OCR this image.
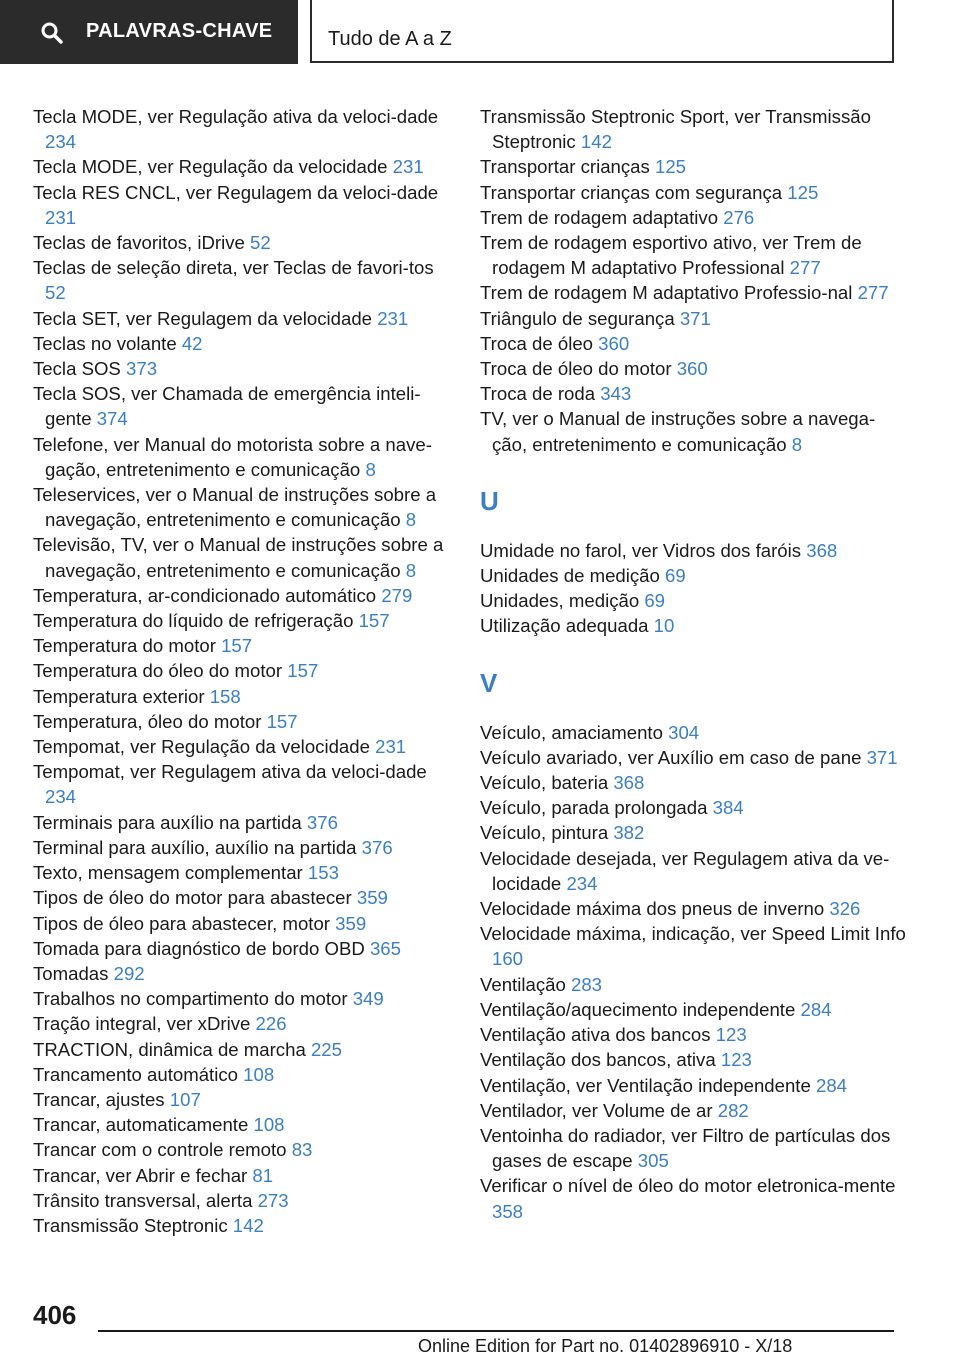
PALAVRAS-CHAVE	Tudo de A a Z

Tecla MODE, ver Regulação ativa da veloci‐dade 234

Tecla MODE, ver Regulação da velocidade 231

Tecla RES CNCL, ver Regulagem da veloci‐dade 231

Teclas de favoritos, iDrive 52

Teclas de seleção direta, ver Teclas de favori‐tos 52

Tecla SET, ver Regulagem da velocidade 231

Teclas no volante 42

Tecla SOS 373

Tecla SOS, ver Chamada de emergência inteli‐gente 374

Telefone, ver Manual do motorista sobre a nave‐gação, entretenimento e comunicação 8

Teleservices, ver o Manual de instruções sobre a navegação, entretenimento e comunicação 8

Televisão, TV, ver o Manual de instruções sobre a navegação, entretenimento e comunicação 8

Temperatura, ar-condicionado automático 279

Temperatura do líquido de refrigeração 157

Temperatura do motor 157

Temperatura do óleo do motor 157

Temperatura exterior 158

Temperatura, óleo do motor 157

Tempomat, ver Regulação da velocidade 231

Tempomat, ver Regulagem ativa da veloci‐dade 234

Terminais para auxílio na partida 376

Terminal para auxílio, auxílio na partida 376

Texto, mensagem complementar 153

Tipos de óleo do motor para abastecer 359

Tipos de óleo para abastecer, motor 359

Tomada para diagnóstico de bordo OBD 365

Tomadas 292

Trabalhos no compartimento do motor 349

Tração integral, ver xDrive 226

TRACTION, dinâmica de marcha 225

Trancamento automático 108

Trancar, ajustes 107

Trancar, automaticamente 108

Trancar com o controle remoto 83

Trancar, ver Abrir e fechar 81

Trânsito transversal, alerta 273

Transmissão Steptronic 142

Transmissão Steptronic Sport, ver Transmissão Steptronic 142

Transportar crianças 125

Transportar crianças com segurança 125

Trem de rodagem adaptativo 276

Trem de rodagem esportivo ativo, ver Trem de rodagem M adaptativo Professional 277

Trem de rodagem M adaptativo Professio‐nal 277

Triângulo de segurança 371

Troca de óleo 360

Troca de óleo do motor 360

Troca de roda 343

TV, ver o Manual de instruções sobre a navega‐ção, entretenimento e comunicação 8

U

Umidade no farol, ver Vidros dos faróis 368

Unidades de medição 69

Unidades, medição 69

Utilização adequada 10

V

Veículo, amaciamento 304

Veículo avariado, ver Auxílio em caso de pane 371

Veículo, bateria 368

Veículo, parada prolongada 384

Veículo, pintura 382

Velocidade desejada, ver Regulagem ativa da ve‐locidade 234

Velocidade máxima dos pneus de inverno 326

Velocidade máxima, indicação, ver Speed Limit Info 160

Ventilação 283

Ventilação/aquecimento independente 284

Ventilação ativa dos bancos 123

Ventilação dos bancos, ativa 123

Ventilação, ver Ventilação independente 284

Ventilador, ver Volume de ar 282

Ventoinha do radiador, ver Filtro de partículas dos gases de escape 305

Verificar o nível de óleo do motor eletronica‐mente 358

406
Online Edition for Part no. 01402896910 - X/18
